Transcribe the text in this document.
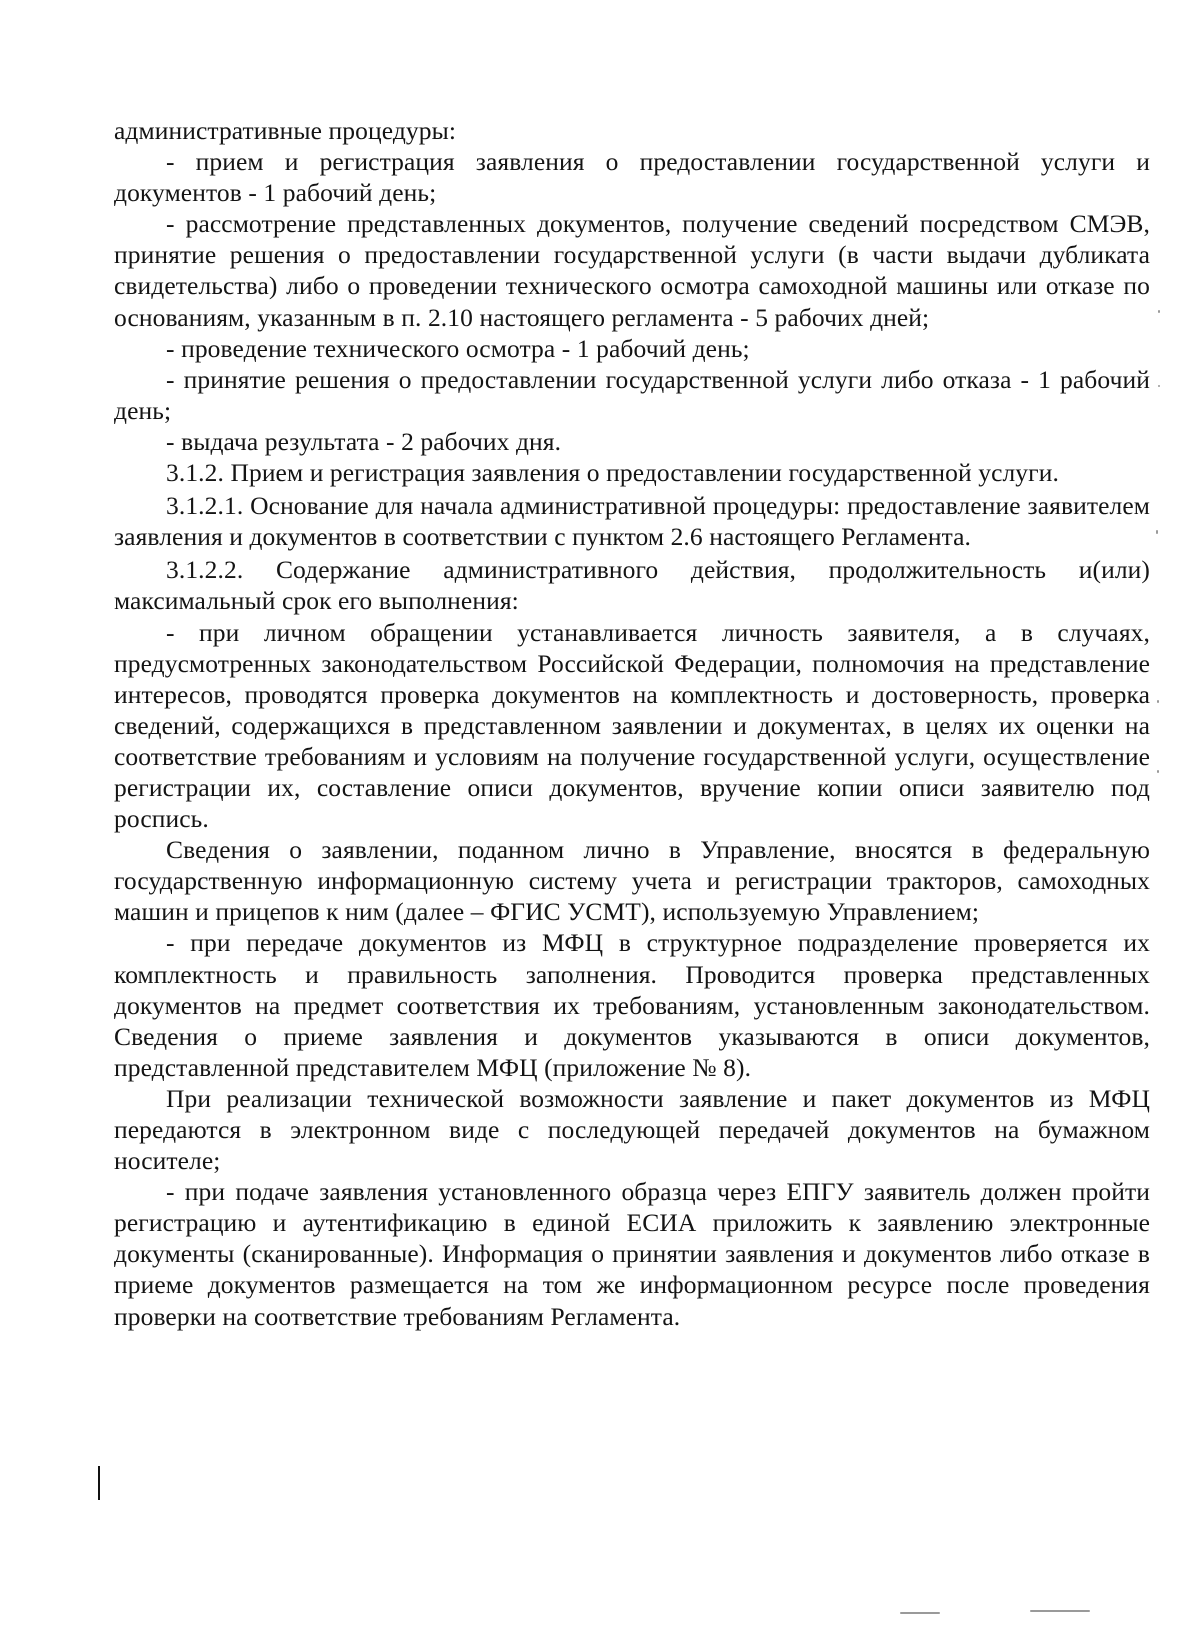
административные процедуры:

- прием и регистрация заявления о предоставлении государственной услуги и документов - 1 рабочий день;

- рассмотрение представленных документов, получение сведений посредством СМЭВ, принятие решения о предоставлении государственной услуги (в части выдачи дубликата свидетельства) либо о проведении технического осмотра самоходной машины или отказе по основаниям, указанным в п. 2.10 настоящего регламента - 5 рабочих дней;

- проведение технического осмотра - 1 рабочий день;

- принятие решения о предоставлении государственной услуги либо отказа - 1 рабочий день;

- выдача результата - 2 рабочих дня.

3.1.2. Прием и регистрация заявления о предоставлении государственной услуги.

3.1.2.1. Основание для начала административной процедуры: предоставление заявителем заявления и документов в соответствии с пунктом 2.6 настоящего Регламента.

3.1.2.2. Содержание административного действия, продолжительность и(или) максимальный срок его выполнения:

- при личном обращении устанавливается личность заявителя, а в случаях, предусмотренных законодательством Российской Федерации, полномочия на представление интересов, проводятся проверка документов на комплектность и достоверность, проверка сведений, содержащихся в представленном заявлении и документах, в целях их оценки на соответствие требованиям и условиям на получение государственной услуги, осуществление регистрации их, составление описи документов, вручение копии описи заявителю под роспись.

Сведения о заявлении, поданном лично в Управление, вносятся в федеральную государственную информационную систему учета и регистрации тракторов, самоходных машин и прицепов к ним (далее – ФГИС УСМТ), используемую Управлением;

- при передаче документов из МФЦ в структурное подразделение проверяется их комплектность и правильность заполнения. Проводится проверка представленных документов на предмет соответствия их требованиям, установленным законодательством. Сведения о приеме заявления и документов указываются в описи документов, представленной представителем МФЦ (приложение № 8).

При реализации технической возможности заявление и пакет документов из МФЦ передаются в электронном виде с последующей передачей документов на бумажном носителе;

- при подаче заявления установленного образца через ЕПГУ заявитель должен пройти регистрацию и аутентификацию в единой ЕСИА приложить к заявлению электронные документы (сканированные). Информация о принятии заявления и документов либо отказе в приеме документов размещается на том же информационном ресурсе после проведения проверки на соответствие требованиям Регламента.
